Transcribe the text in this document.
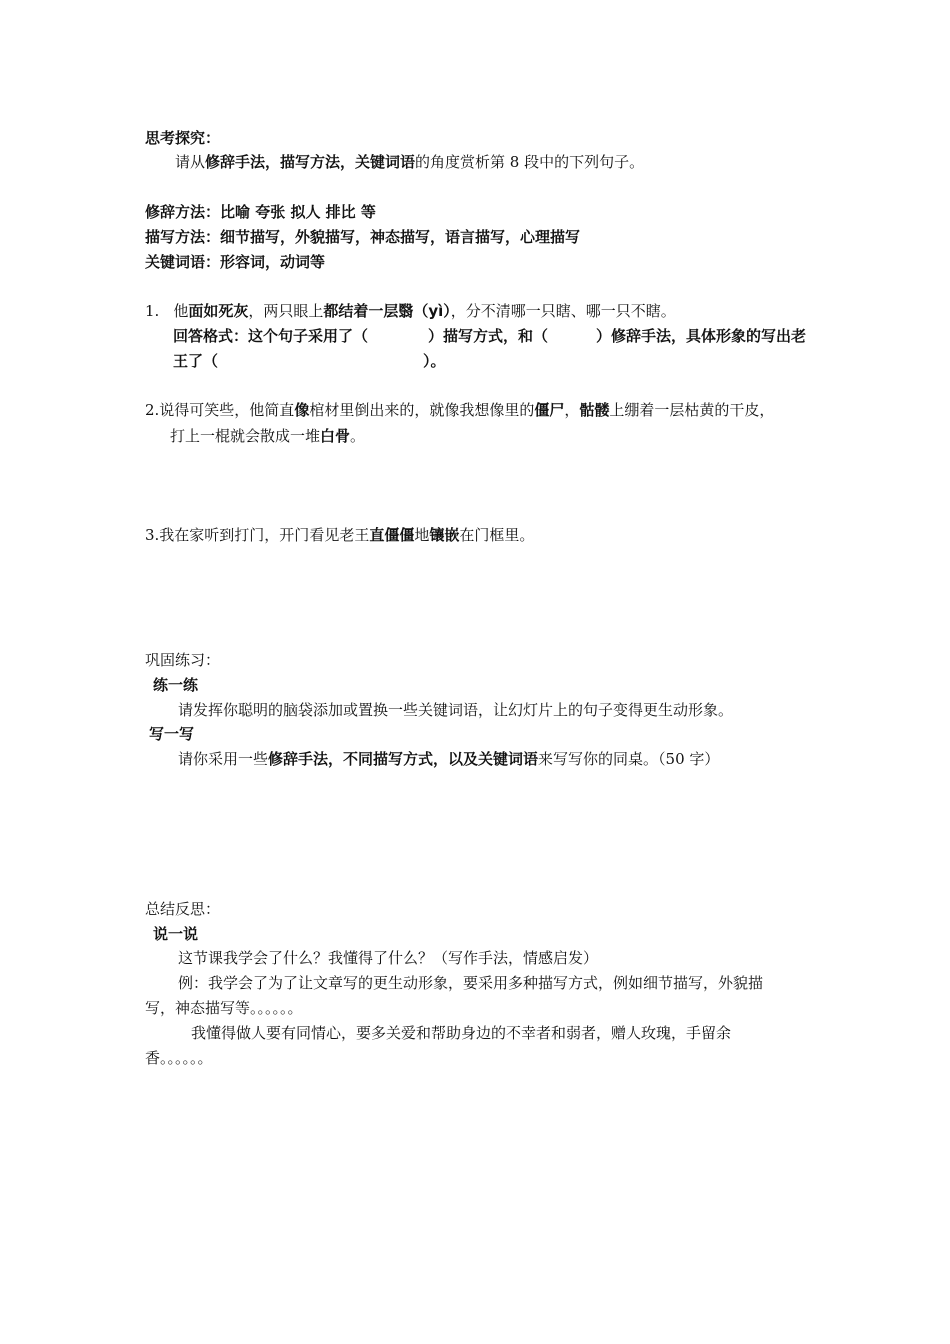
思考探究：
请从修辞手法，描写方法，关键词语的角度赏析第 8 段中的下列句子。
修辞方法：比喻 夸张 拟人 排比 等
描写方法：细节描写，外貌描写，神态描写，语言描写，心理描写
关键词语：形容词，动词等
1. 他面如死灰，两只眼上都结着一层翳（yì），分不清哪一只瞎、哪一只不瞎。
回答格式：这个句子采用了（	）描写方式，和（	）修辞手法，具体形象的写出老
王了（	）。
2.说得可笑些，他简直像棺材里倒出来的，就像我想像里的僵尸，骷髅上绷着一层枯黄的干皮，
打上一棍就会散成一堆白骨。
3.我在家听到打门，开门看见老王直僵僵地镶嵌在门框里。
巩固练习：
练一练
请发挥你聪明的脑袋添加或置换一些关键词语，让幻灯片上的句子变得更生动形象。
写一写
请你采用一些修辞手法，不同描写方式，以及关键词语来写写你的同桌。（50 字）
总结反思：
说一说
这节课我学会了什么？我懂得了什么？（写作手法，情感启发）
例：我学会了为了让文章写的更生动形象，要采用多种描写方式，例如细节描写，外貌描
写，神态描写等。。。。。。
我懂得做人要有同情心，要多关爱和帮助身边的不幸者和弱者，赠人玫瑰，手留余
香。。。。。。
